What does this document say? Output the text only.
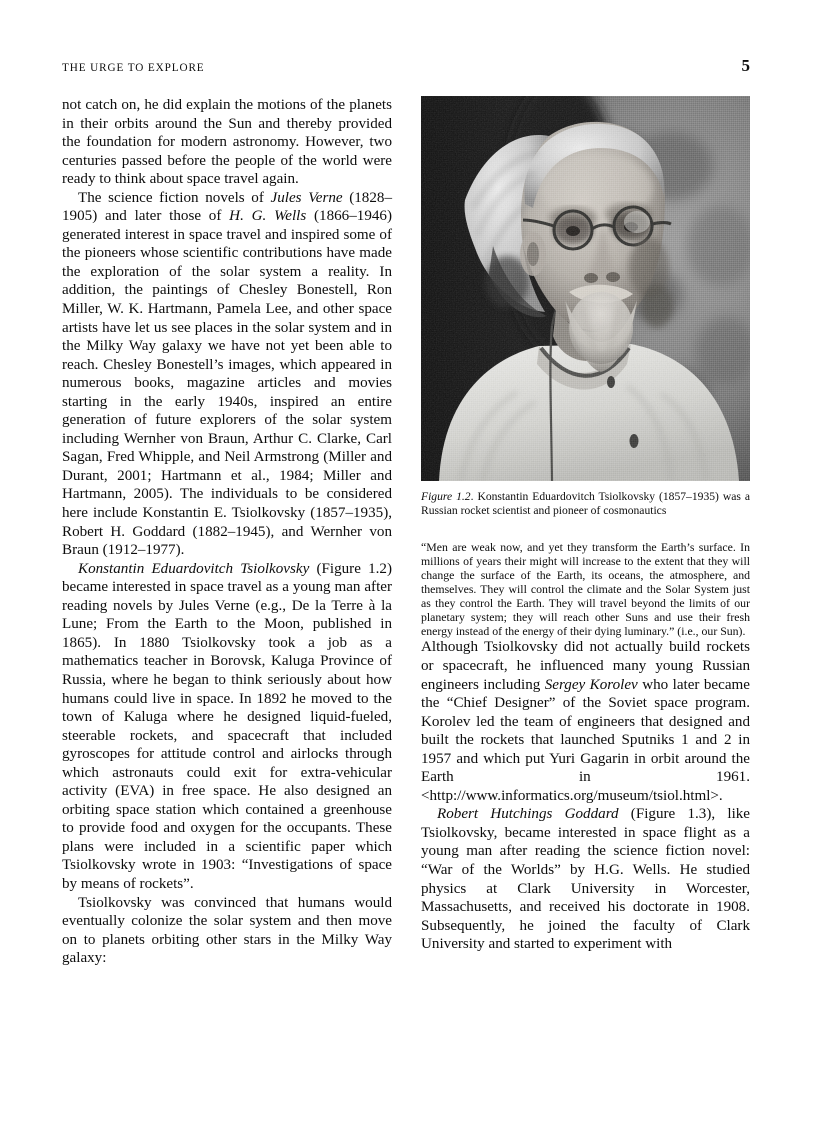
THE URGE TO EXPLORE	5

not catch on, he did explain the motions of the planets in their orbits around the Sun and thereby provided the foundation for modern astronomy. However, two centuries passed before the people of the world were ready to think about space travel again.

The science fiction novels of Jules Verne (1828–1905) and later those of H. G. Wells (1866–1946) generated interest in space travel and inspired some of the pioneers whose scientific contributions have made the exploration of the solar system a reality. In addition, the paintings of Chesley Bonestell, Ron Miller, W. K. Hartmann, Pamela Lee, and other space artists have let us see places in the solar system and in the Milky Way galaxy we have not yet been able to reach. Chesley Bonestell’s images, which appeared in numerous books, magazine articles and movies starting in the early 1940s, inspired an entire generation of future explorers of the solar system including Wernher von Braun, Arthur C. Clarke, Carl Sagan, Fred Whipple, and Neil Armstrong (Miller and Durant, 2001; Hartmann et al., 1984; Miller and Hartmann, 2005). The individuals to be considered here include Konstantin E. Tsiolkovsky (1857–1935), Robert H. Goddard (1882–1945), and Wernher von Braun (1912–1977).

Konstantin Eduardovitch Tsiolkovsky (Figure 1.2) became interested in space travel as a young man after reading novels by Jules Verne (e.g., De la Terre à la Lune; From the Earth to the Moon, published in 1865). In 1880 Tsiolkovsky took a job as a mathematics teacher in Borovsk, Kaluga Province of Russia, where he began to think seriously about how humans could live in space. In 1892 he moved to the town of Kaluga where he designed liquid-fueled, steerable rockets, and spacecraft that included gyroscopes for attitude control and airlocks through which astronauts could exit for extra-vehicular activity (EVA) in free space. He also designed an orbiting space station which contained a greenhouse to provide food and oxygen for the occupants. These plans were included in a scientific paper which Tsiolkovsky wrote in 1903: “Investigations of space by means of rockets”.

Tsiolkovsky was convinced that humans would eventually colonize the solar system and then move on to planets orbiting other stars in the Milky Way galaxy:

Figure 1.2. Konstantin Eduardovitch Tsiolkovsky (1857–1935) was a Russian rocket scientist and pioneer of cosmonautics
“Men are weak now, and yet they transform the Earth’s surface. In millions of years their might will increase to the extent that they will change the surface of the Earth, its oceans, the atmosphere, and themselves. They will control the climate and the Solar System just as they control the Earth. They will travel beyond the limits of our planetary system; they will reach other Suns and use their fresh energy instead of the energy of their dying luminary.” (i.e., our Sun).

Although Tsiolkovsky did not actually build rockets or spacecraft, he influenced many young Russian engineers including Sergey Korolev who later became the “Chief Designer” of the Soviet space program. Korolev led the team of engineers that designed and built the rockets that launched Sputniks 1 and 2 in 1957 and which put Yuri Gagarin in orbit around the Earth in 1961. <http://www.informatics.org/museum/tsiol.html>.

Robert Hutchings Goddard (Figure 1.3), like Tsiolkovsky, became interested in space flight as a young man after reading the science fiction novel: “War of the Worlds” by H.G. Wells. He studied physics at Clark University in Worcester, Massachusetts, and received his doctorate in 1908. Subsequently, he joined the faculty of Clark University and started to experiment with
